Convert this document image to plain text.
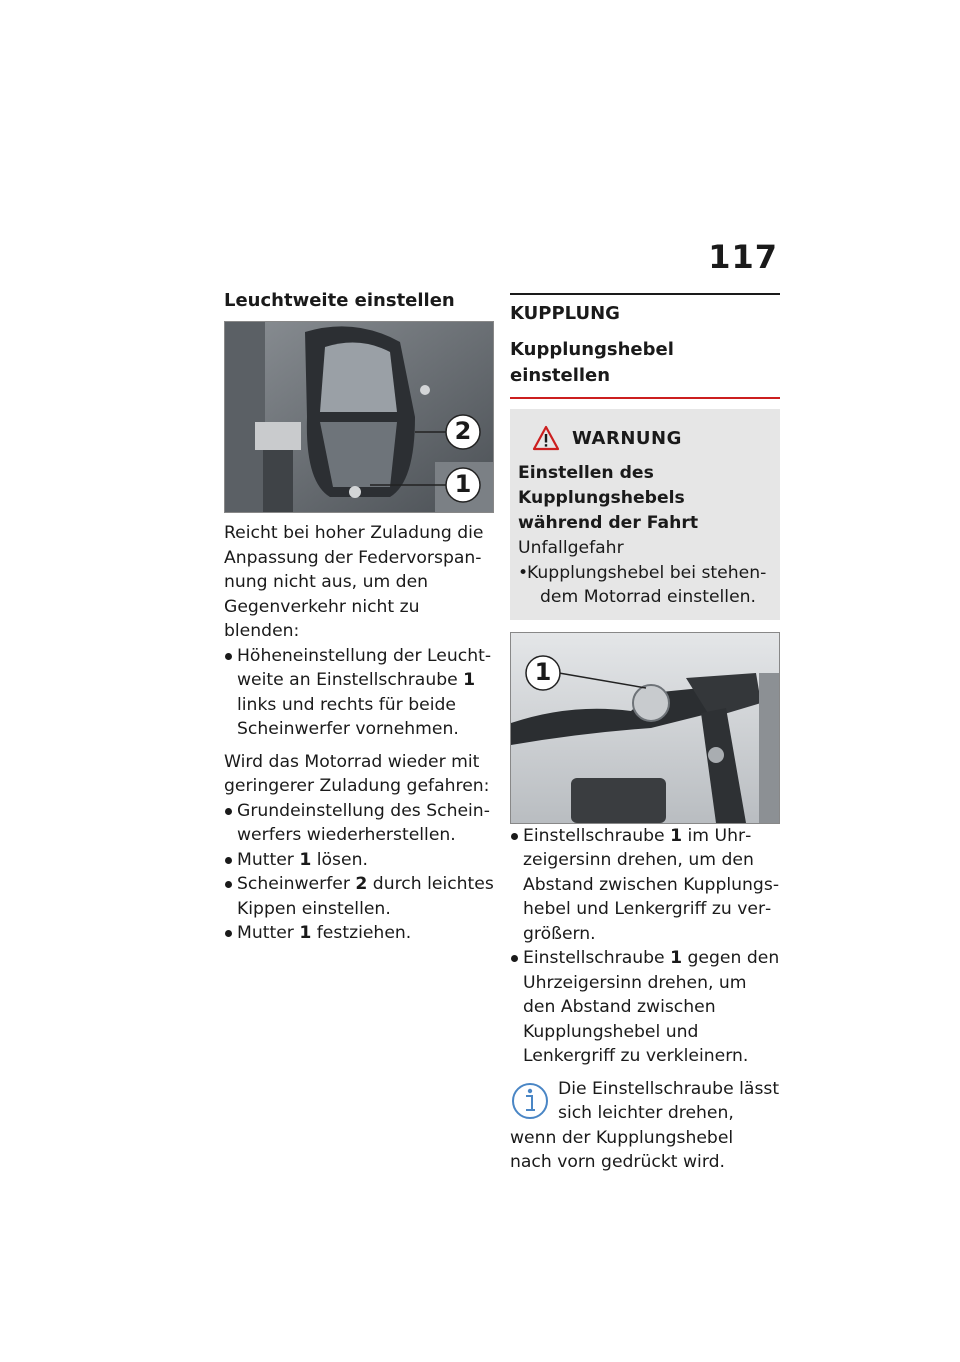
117
Leuchtweite einstellen
2
1

Reicht bei hoher Zuladung die Anpassung der Federvorspannung nicht aus, um den Gegenverkehr nicht zu blenden:

Höheneinstellung der Leuchtweite an Einstellschraube 1 links und rechts für beide Scheinwerfer vornehmen.

Wird das Motorrad wieder mit geringerer Zuladung gefahren:

Grundeinstellung des Scheinwerfers wiederherstellen.
Mutter 1 lösen.
Scheinwerfer 2 durch leichtes Kippen einstellen.
Mutter 1 festziehen.
KUPPLUNG
Kupplungshebel einstellen
WARNUNG
Einstellen des Kupplungshebels während der Fahrt
Unfallgefahr
• Kupplungshebel bei stehendem Motorrad einstellen.
1
Einstellschraube 1 im Uhrzeigersinn drehen, um den Abstand zwischen Kupplungshebel und Lenkergriff zu vergrößern.
Einstellschraube 1 gegen den Uhrzeigersinn drehen, um den Abstand zwischen Kupplungshebel und Lenkergriff zu verkleinern.
Die Einstellschraube lässt sich leichter drehen, wenn der Kupplungshebel nach vorn gedrückt wird.
